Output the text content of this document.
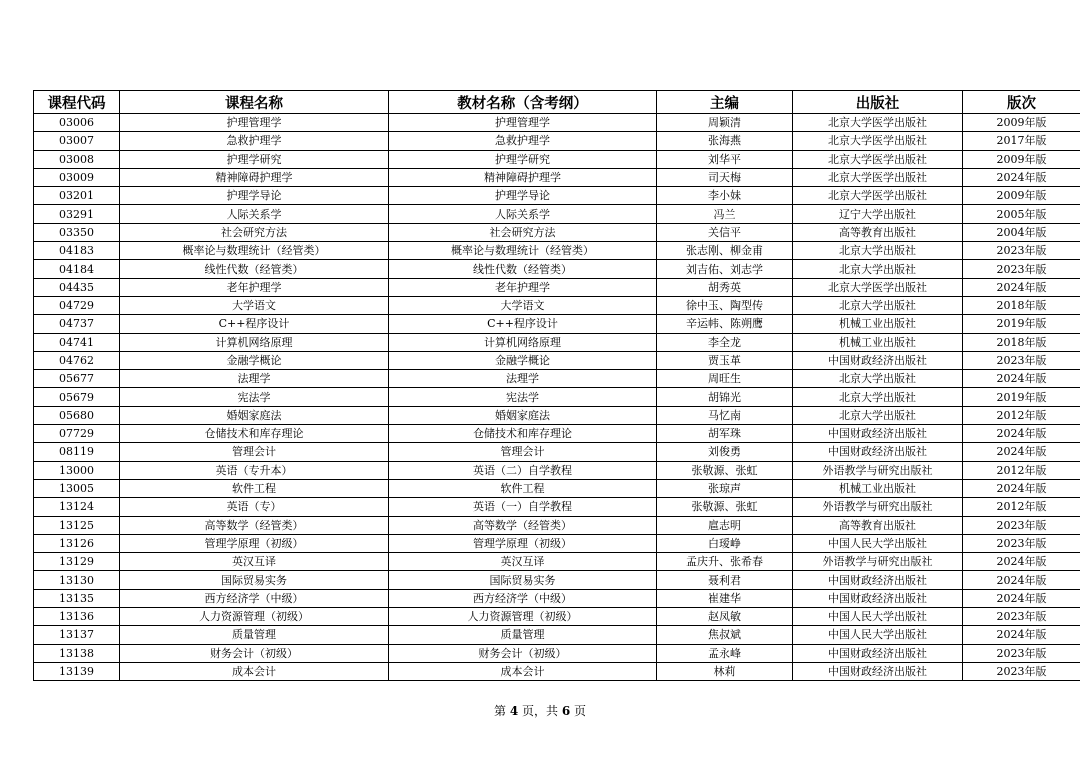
课程代码	课程名称	教材名称（含考纲）	主编	出版社	版次
03006	护理管理学	护理管理学	周颖清	北京大学医学出版社	2009年版
03007	急救护理学	急救护理学	张海燕	北京大学医学出版社	2017年版
03008	护理学研究	护理学研究	刘华平	北京大学医学出版社	2009年版
03009	精神障碍护理学	精神障碍护理学	司天梅	北京大学医学出版社	2024年版
03201	护理学导论	护理学导论	李小妹	北京大学医学出版社	2009年版
03291	人际关系学	人际关系学	冯兰	辽宁大学出版社	2005年版
03350	社会研究方法	社会研究方法	关信平	高等教育出版社	2004年版
04183	概率论与数理统计（经管类）	概率论与数理统计（经管类）	张志刚、柳金甫	北京大学出版社	2023年版
04184	线性代数（经管类）	线性代数（经管类）	刘吉佑、刘志学	北京大学出版社	2023年版
04435	老年护理学	老年护理学	胡秀英	北京大学医学出版社	2024年版
04729	大学语文	大学语文	徐中玉、陶型传	北京大学出版社	2018年版
04737	C++程序设计	C++程序设计	辛运帏、陈朔鹰	机械工业出版社	2019年版
04741	计算机网络原理	计算机网络原理	李全龙	机械工业出版社	2018年版
04762	金融学概论	金融学概论	贾玉革	中国财政经济出版社	2023年版
05677	法理学	法理学	周旺生	北京大学出版社	2024年版
05679	宪法学	宪法学	胡锦光	北京大学出版社	2019年版
05680	婚姻家庭法	婚姻家庭法	马忆南	北京大学出版社	2012年版
07729	仓储技术和库存理论	仓储技术和库存理论	胡军珠	中国财政经济出版社	2024年版
08119	管理会计	管理会计	刘俊勇	中国财政经济出版社	2024年版
13000	英语（专升本）	英语（二）自学教程	张敬源、张虹	外语教学与研究出版社	2012年版
13005	软件工程	软件工程	张琼声	机械工业出版社	2024年版
13124	英语（专）	英语（一）自学教程	张敬源、张虹	外语教学与研究出版社	2012年版
13125	高等数学（经管类）	高等数学（经管类）	扈志明	高等教育出版社	2023年版
13126	管理学原理（初级）	管理学原理（初级）	白瑷峥	中国人民大学出版社	2023年版
13129	英汉互译	英汉互译	孟庆升、张希春	外语教学与研究出版社	2024年版
13130	国际贸易实务	国际贸易实务	聂利君	中国财政经济出版社	2024年版
13135	西方经济学（中级）	西方经济学（中级）	崔建华	中国财政经济出版社	2024年版
13136	人力资源管理（初级）	人力资源管理（初级）	赵凤敏	中国人民大学出版社	2023年版
13137	质量管理	质量管理	焦叔斌	中国人民大学出版社	2024年版
13138	财务会计（初级）	财务会计（初级）	孟永峰	中国财政经济出版社	2023年版
13139	成本会计	成本会计	林莉	中国财政经济出版社	2023年版
第 4 页，共 6 页
